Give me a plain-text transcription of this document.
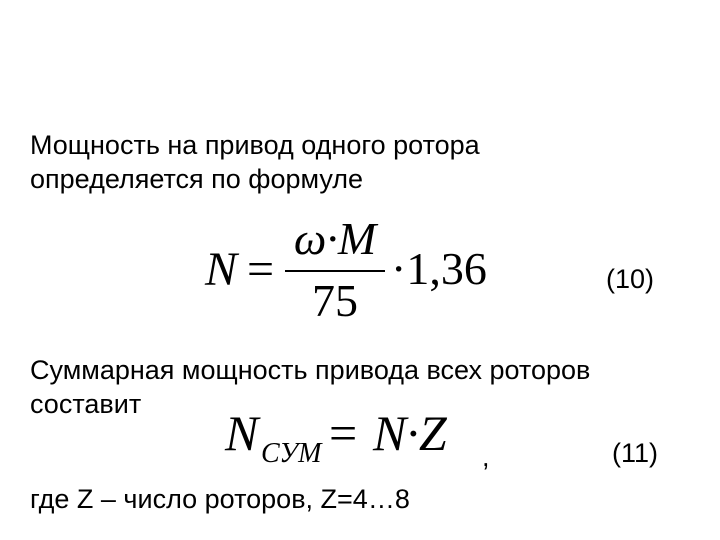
Мощность на привод одного ротора
определяется по формуле
N =
ω·M
75
·1,36	(10)
Суммарная мощность привода всех роторов
составит
N СУМ = N·Z ,	(11)
где Z – число роторов, Z=4…8
